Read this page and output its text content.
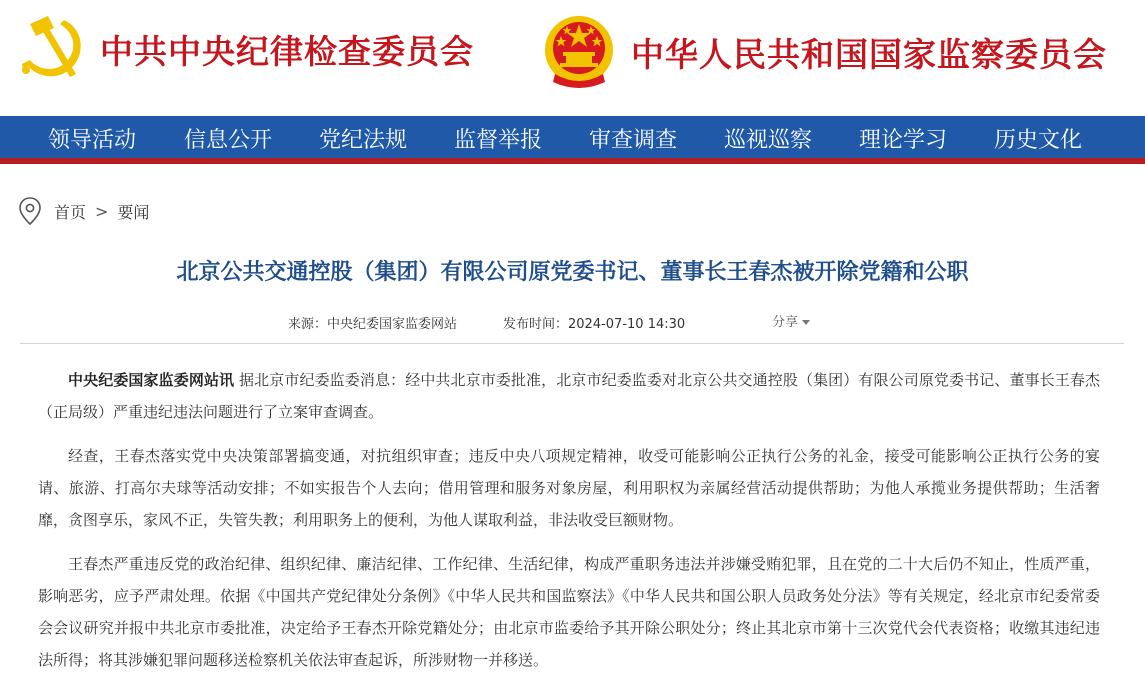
中共中央纪律检查委员会	中华人民共和国国家监察委员会
领导活动 信息公开 党纪法规 监督举报 审查调查 巡视巡察 理论学习 历史文化
首页 > 要闻
北京公共交通控股（集团）有限公司原党委书记、董事长王春杰被开除党籍和公职
来源：中央纪委国家监委网站	发布时间：2024-07-10 14:30	分享

中央纪委国家监委网站讯 据北京市纪委监委消息：经中共北京市委批准，北京市纪委监委对北京公共交通控股（集团）有限公司原党委书记、董事长王春杰（正局级）严重违纪违法问题进行了立案审查调查。

经查，王春杰落实党中央决策部署搞变通，对抗组织审查；违反中央八项规定精神，收受可能影响公正执行公务的礼金，接受可能影响公正执行公务的宴请、旅游、打高尔夫球等活动安排；不如实报告个人去向；借用管理和服务对象房屋，利用职权为亲属经营活动提供帮助；为他人承揽业务提供帮助；生活奢靡，贪图享乐，家风不正，失管失教；利用职务上的便利，为他人谋取利益，非法收受巨额财物。

王春杰严重违反党的政治纪律、组织纪律、廉洁纪律、工作纪律、生活纪律，构成严重职务违法并涉嫌受贿犯罪，且在党的二十大后仍不知止，性质严重，影响恶劣，应予严肃处理。依据《中国共产党纪律处分条例》《中华人民共和国监察法》《中华人民共和国公职人员政务处分法》等有关规定，经北京市纪委常委会会议研究并报中共北京市委批准，决定给予王春杰开除党籍处分；由北京市监委给予其开除公职处分；终止其北京市第十三次党代会代表资格；收缴其违纪违法所得；将其涉嫌犯罪问题移送检察机关依法审查起诉，所涉财物一并移送。
